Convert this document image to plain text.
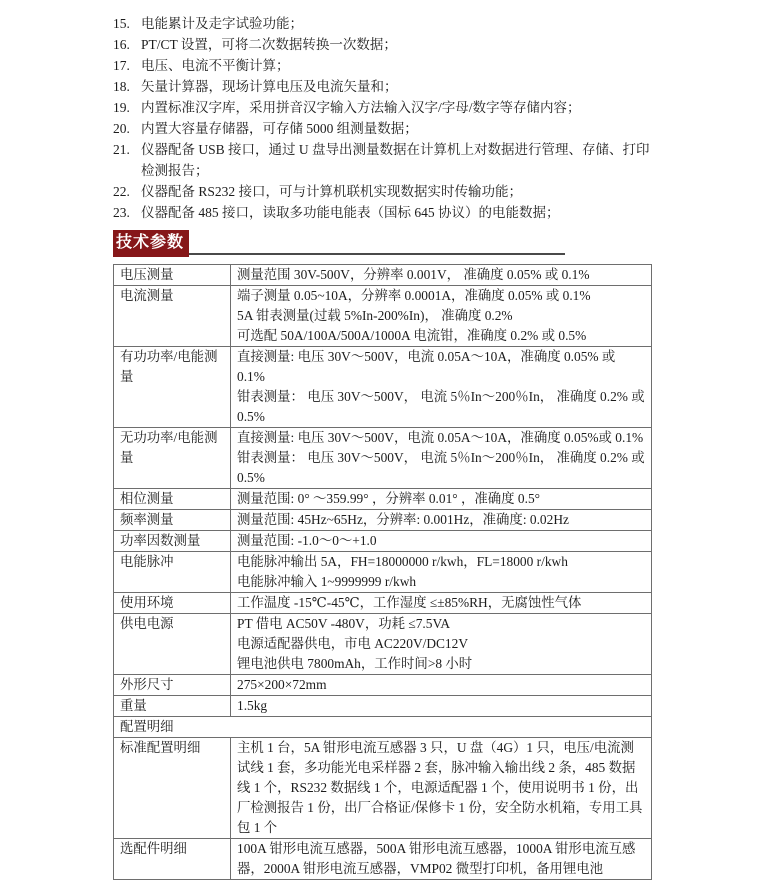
15. 电能累计及走字试验功能；
16. PT/CT 设置，可将二次数据转换一次数据；
17. 电压、电流不平衡计算；
18. 矢量计算器，现场计算电压及电流矢量和；
19. 内置标准汉字库，采用拼音汉字输入方法输入汉字/字母/数字等存储内容；
20. 内置大容量存储器，可存储 5000 组测量数据；
21. 仪器配备 USB 接口，通过 U 盘导出测量数据在计算机上对数据进行管理、存储、打印检测报告；
22. 仪器配备 RS232 接口，可与计算机联机实现数据实时传输功能；
23. 仪器配备 485 接口，读取多功能电能表（国标 645 协议）的电能数据；
技术参数
电压测量	测量范围 30V-500V，分辨率 0.001V， 准确度 0.05% 或 0.1%

电流测量	端子测量 0.05~10A，分辨率 0.0001A，准确度 0.05% 或 0.1%
5A 钳表测量(过载 5%In-200%In)， 准确度 0.2%
可选配 50A/100A/500A/1000A 电流钳，准确度 0.2% 或 0.5%

有功功率/电能测量	直接测量: 电压 30V～500V，电流 0.05A～10A，准确度 0.05% 或 0.1%
钳表测量： 电压 30V～500V， 电流 5％In～200％In， 准确度 0.2% 或 0.5%

无功功率/电能测量	直接测量: 电压 30V～500V，电流 0.05A～10A，准确度 0.05%或 0.1%
钳表测量： 电压 30V～500V， 电流 5％In～200％In， 准确度 0.2% 或 0.5%

相位测量	测量范围: 0° ～359.99° ，分辨率 0.01° ，准确度 0.5°

频率测量	测量范围: 45Hz~65Hz，分辨率: 0.001Hz，准确度: 0.02Hz

功率因数测量	测量范围: -1.0～0～+1.0

电能脉冲	电能脉冲输出 5A，FH=18000000 r/kwh，FL=18000 r/kwh
电能脉冲输入 1~9999999 r/kwh

使用环境	工作温度 -15℃-45℃，工作湿度 ≤±85%RH，无腐蚀性气体

供电电源	PT 借电 AC50V -480V，功耗 ≤7.5VA
电源适配器供电，市电 AC220V/DC12V
锂电池供电 7800mAh，工作时间>8 小时

外形尺寸	275×200×72mm

重量	1.5kg

配置明细	
标准配置明细	主机 1 台，5A 钳形电流互感器 3 只，U 盘（4G）1 只，电压/电流测试线 1 套，多功能光电采样器 2 套，脉冲输入输出线 2 条，485 数据线 1 个，RS232 数据线 1 个，电源适配器 1 个，使用说明书 1 份，出厂检测报告 1 份，出厂合格证/保修卡 1 份，安全防水机箱，专用工具包 1 个

选配件明细	100A 钳形电流互感器，500A 钳形电流互感器，1000A 钳形电流互感器，2000A 钳形电流互感器，VMP02 微型打印机，备用锂电池
